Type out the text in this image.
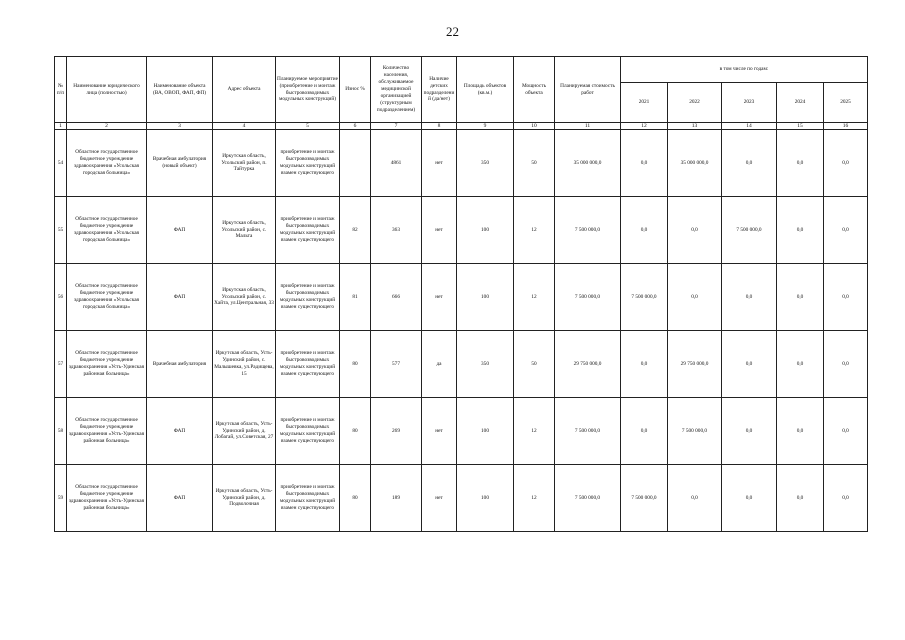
22
№ п/п	Наименование юридического лица (полностью)	Наименование объекта (ВА, ОВОП, ФАП, ФП)	Адрес объекта	Планируемое мероприятие (приобретение и монтаж быстровозводимых модульных конструкций)	Износ %	Количество населения, обслуживаемое медицинской организацией (структурным подразделением)	Наличие детских подразделений (да/нет)	Площадь объектов (кв.м.)	Мощность объекта	Планируемая стоимость работ	в том числе по годам:				
											2021	2022	2023	2024	2025
1	2	3	4	5	6	7	8	9	10	11	12	13	14	15	16
54	Областное государственное бюджетное учреждение здравоохранения «Усольская городская больница»	Врачебная амбулатория (новый объект)	Иркутская область, Усольский район, п. Тайтурка	приобретение и монтаж быстровозводимых модульных конструкций взамен существующего		4861	нет	350	50	35 000 000,0	0,0	35 000 000,0	0,0	0,0	0,0
55	Областное государственное бюджетное учреждение здравоохранения «Усольская городская больница»	ФАП	Иркутская область, Усольский район, с. Мальта	приобретение и монтаж быстровозводимых модульных конструкций взамен существующего	82	363	нет	100	12	7 500 000,0	0,0	0,0	7 500 000,0	0,0	0,0
56	Областное государственное бюджетное учреждение здравоохранения «Усольская городская больница»	ФАП	Иркутская область, Усольский район, с. Хайта, ул.Центральная, 33	приобретение и монтаж быстровозводимых модульных конструкций взамен существующего	81	666	нет	100	12	7 500 000,0	7 500 000,0	0,0	0,0	0,0	0,0
57	Областное государственное бюджетное учреждение здравоохранения «Усть-Удинская районная больница»	Врачебная амбулатория	Иркутская область, Усть-Удинский район, с. Малышевка, ул.Радищева, 15	приобретение и монтаж быстровозводимых модульных конструкций взамен существующего	80	577	да	350	50	29 750 000,0	0,0	29 750 000,0	0,0	0,0	0,0
58	Областное государственное бюджетное учреждение здравоохранения «Усть-Удинская районная больница»	ФАП	Иркутская область, Усть-Удинский район, д. Лобагай, ул.Советская, 27	приобретение и монтаж быстровозводимых модульных конструкций взамен существующего	80	269	нет	100	12	7 500 000,0	0,0	7 500 000,0	0,0	0,0	0,0
59	Областное государственное бюджетное учреждение здравоохранения «Усть-Удинская районная больница»	ФАП	Иркутская область, Усть-Удинский район, д. Подволочная	приобретение и монтаж быстровозводимых модульных конструкций взамен существующего	80	189	нет	100	12	7 500 000,0	7 500 000,0	0,0	0,0	0,0	0,0
